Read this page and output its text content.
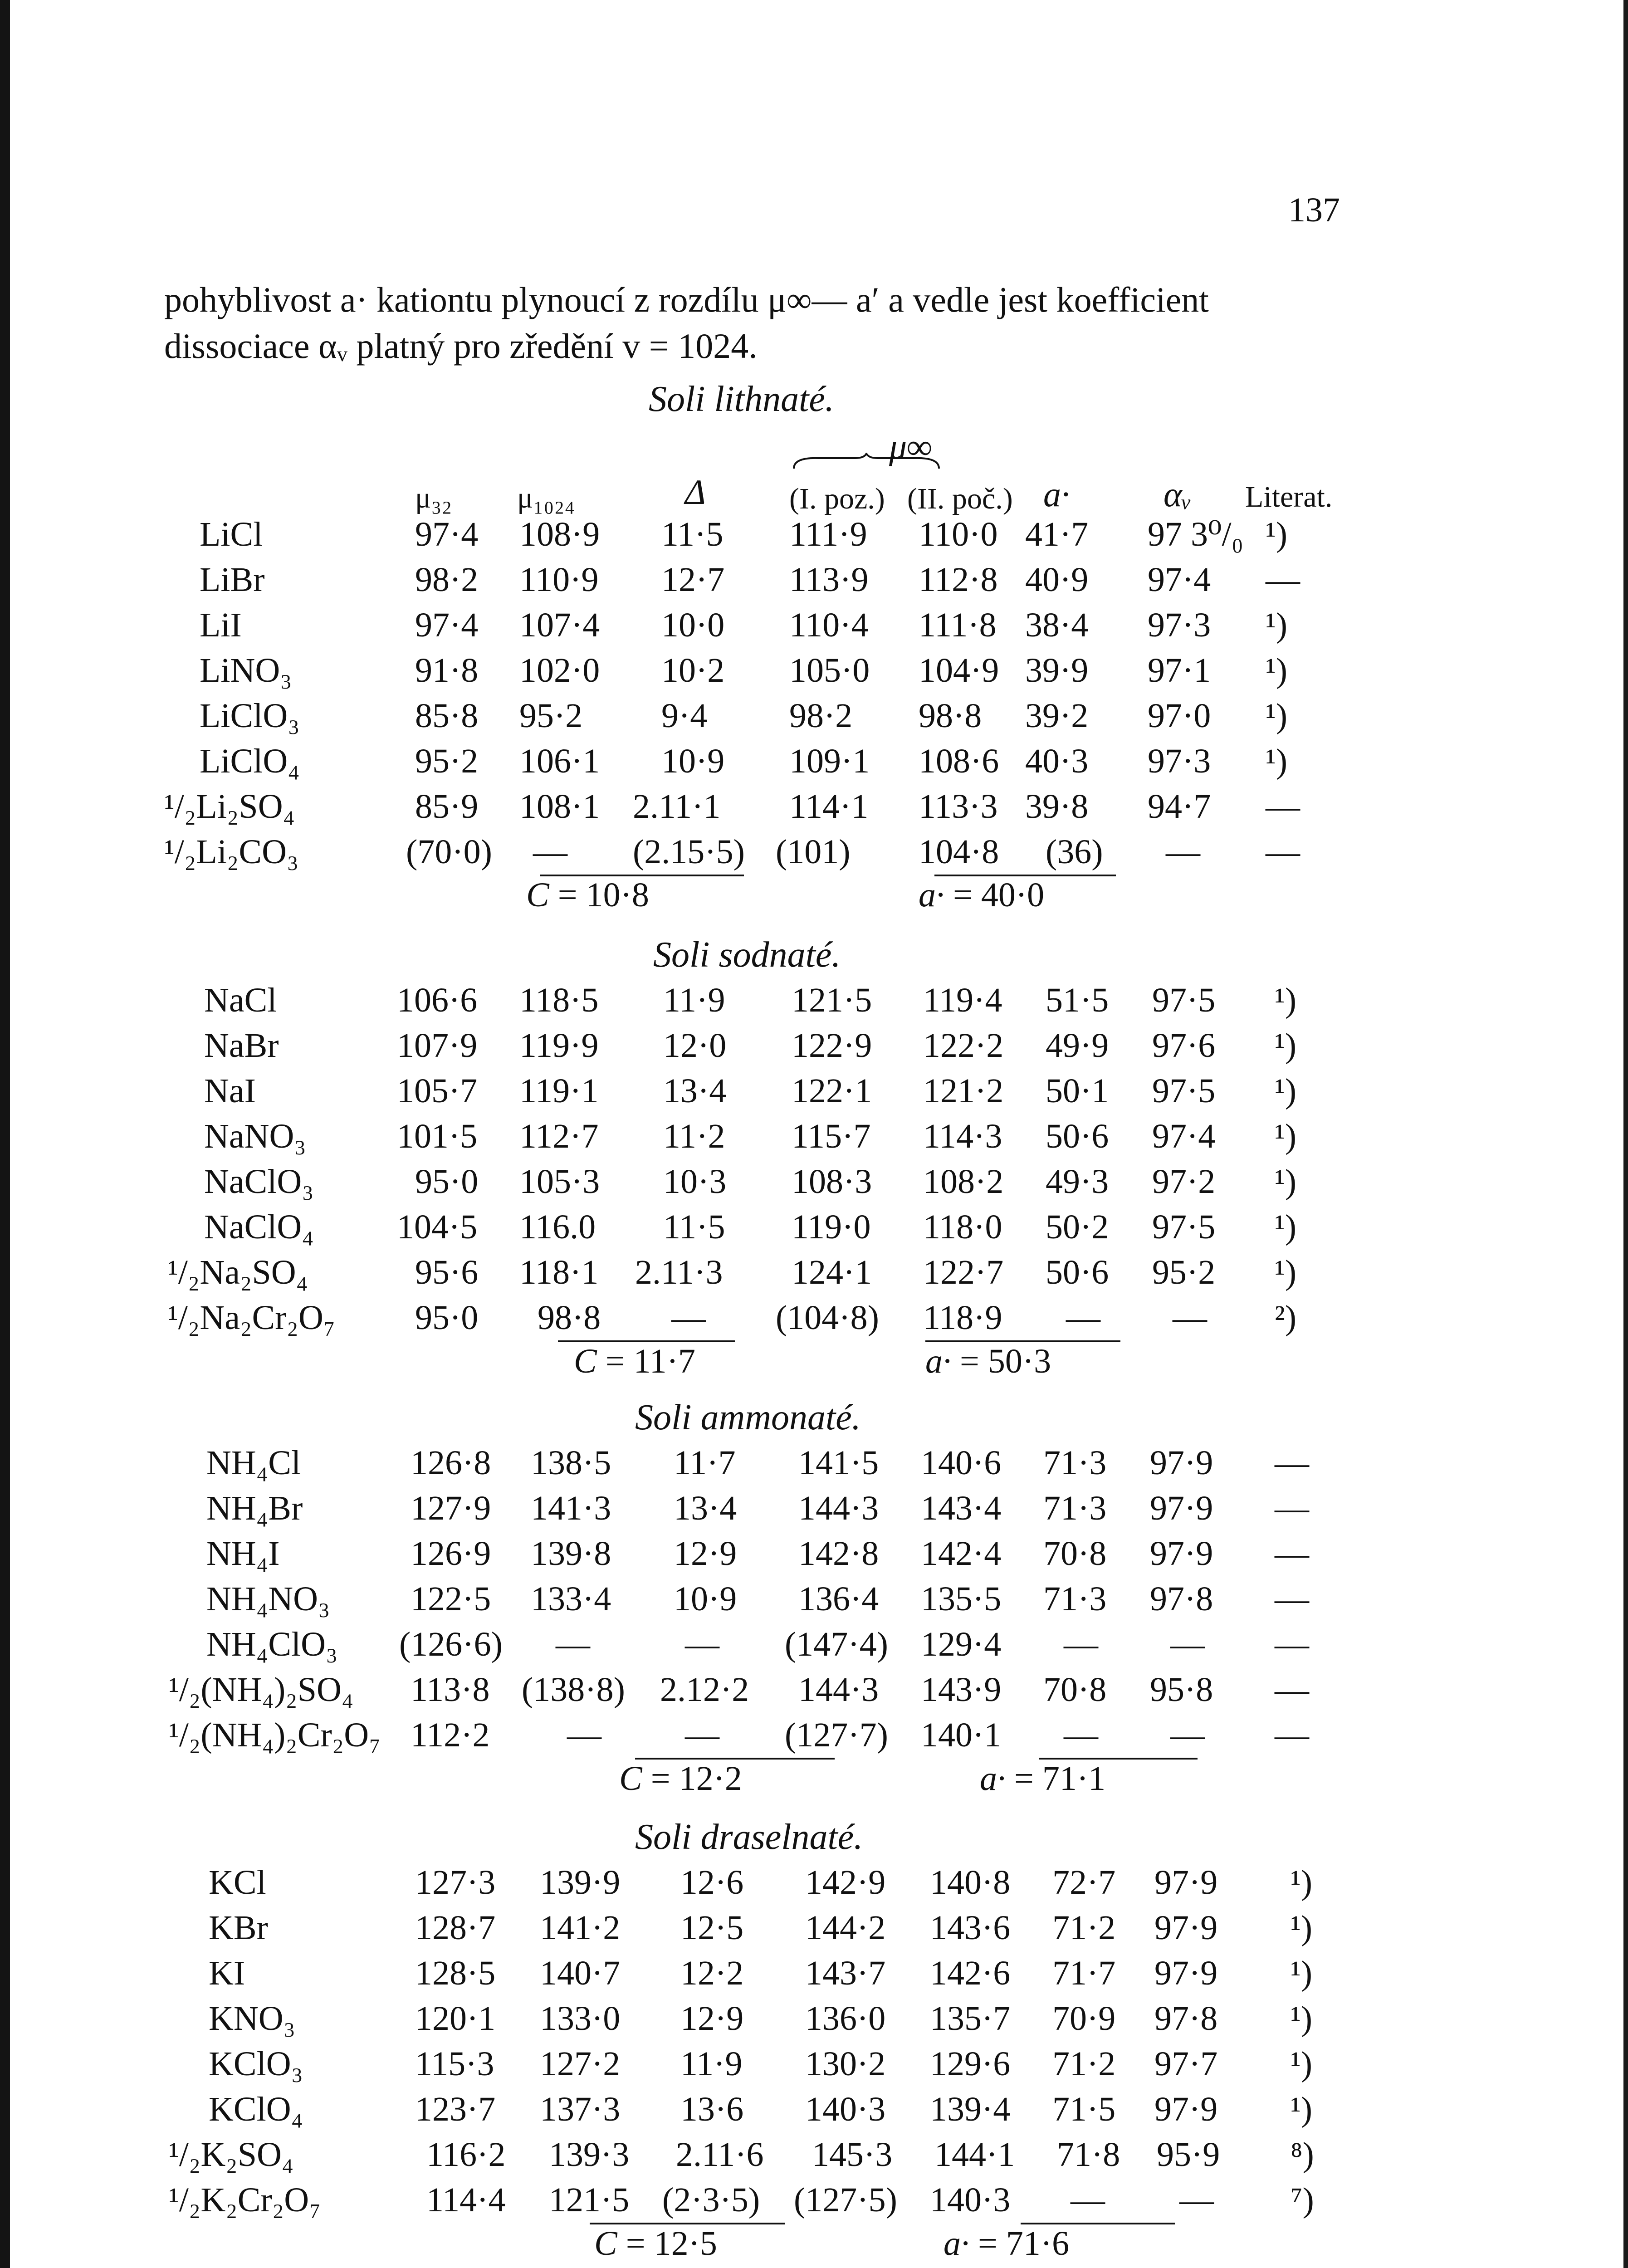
137
pohyblivost a· kationtu plynoucí z rozdílu μ∞— a′ a vedle jest koefficient
dissociace αᵥ platný pro zředění v = 1024.
Soli lithnaté.
μ∞
μ₃₂ μ₁₀₂₄	Δ	(I. poz.) (II. poč.) a·	αᵥ Literat.
LiCl	97·4 108·9 11·5 111·9 110·0 41·7 97 3⁰/₀ ¹)
LiBr	98·2 110·9 12·7 113·9 112·8 40·9 97·4 —
LiI	97·4 107·4 10·0 110·4 111·8 38·4 97·3 ¹)
LiNO₃	91·8 102·0 10·2 105·0 104·9 39·9 97·1 ¹)
LiClO₃	85·8 95·2 9·4 98·2 98·8 39·2 97·0 ¹)
LiClO₄	95·2 106·1 10·9 109·1 108·6 40·3 97·3 ¹)
¹/₂Li₂SO₄	85·9 108·1 2.11·1 114·1 113·3 39·8 94·7 —
¹/₂Li₂CO₃	(70·0) — (2.15·5) (101) 104·8 (36) — —
C = 10·8	a· = 40·0
Soli sodnaté.
NaCl	106·6 118·5 11·9 121·5 119·4 51·5 97·5 ¹)
NaBr	107·9 119·9 12·0 122·9 122·2 49·9 97·6 ¹)
NaI	105·7 119·1 13·4 122·1 121·2 50·1 97·5 ¹)
NaNO₃	101·5 112·7 11·2 115·7 114·3 50·6 97·4 ¹)
NaClO₃	95·0 105·3 10·3 108·3 108·2 49·3 97·2 ¹)
NaClO₄ 104·5 116.0 11·5 119·0 118·0 50·2 97·5 ¹)
¹/₂Na₂SO₄	95·6 118·1 2.11·3 124·1 122·7 50·6 95·2 ¹)
¹/₂Na₂Cr₂O₇ 95·0 98·8 — (104·8) 118·9 — — ²)
C = 11·7	a· = 50·3
Soli ammonaté.
NH₄Cl	126·8 138·5 11·7 141·5 140·6 71·3 97·9 —
NH₄Br	127·9 141·3 13·4 144·3 143·4 71·3 97·9 —
NH₄I	126·9 139·8 12·9 142·8 142·4 70·8 97·9 —
NH₄NO₃ 122·5 133·4 10·9 136·4 135·5 71·3 97·8 —
NH₄ClO₃ (126·6) —	— (147·4) 129·4 — — —
¹/₂(NH₄)₂SO₄ 113·8 (138·8) 2.12·2 144·3 143·9 70·8 95·8 —
¹/₂(NH₄)₂Cr₂O₇ 112·2 — — (127·7) 140·1 — — —
C = 12·2	a· = 71·1
Soli draselnaté.
KCl	127·3 139·9 12·6 142·9 140·8 72·7 97·9 ¹)
KBr	128·7 141·2 12·5 144·2 143·6 71·2 97·9 ¹)
KI	128·5 140·7 12·2 143·7 142·6 71·7 97·9 ¹)
KNO₃	120·1 133·0 12·9 136·0 135·7 70·9 97·8 ¹)
KClO₃	115·3 127·2 11·9 130·2 129·6 71·2 97·7 ¹)
KClO₄	123·7 137·3 13·6 140·3 139·4 71·5 97·9 ¹)
¹/₂K₂SO₄	116·2 139·3 2.11·6 145·3 144·1 71·8 95·9 ⁸)
¹/₂K₂Cr₂O₇	114·4 121·5 (2·3·5) (127·5) 140·3 — — ⁷)
C = 12·5	a· = 71·6
